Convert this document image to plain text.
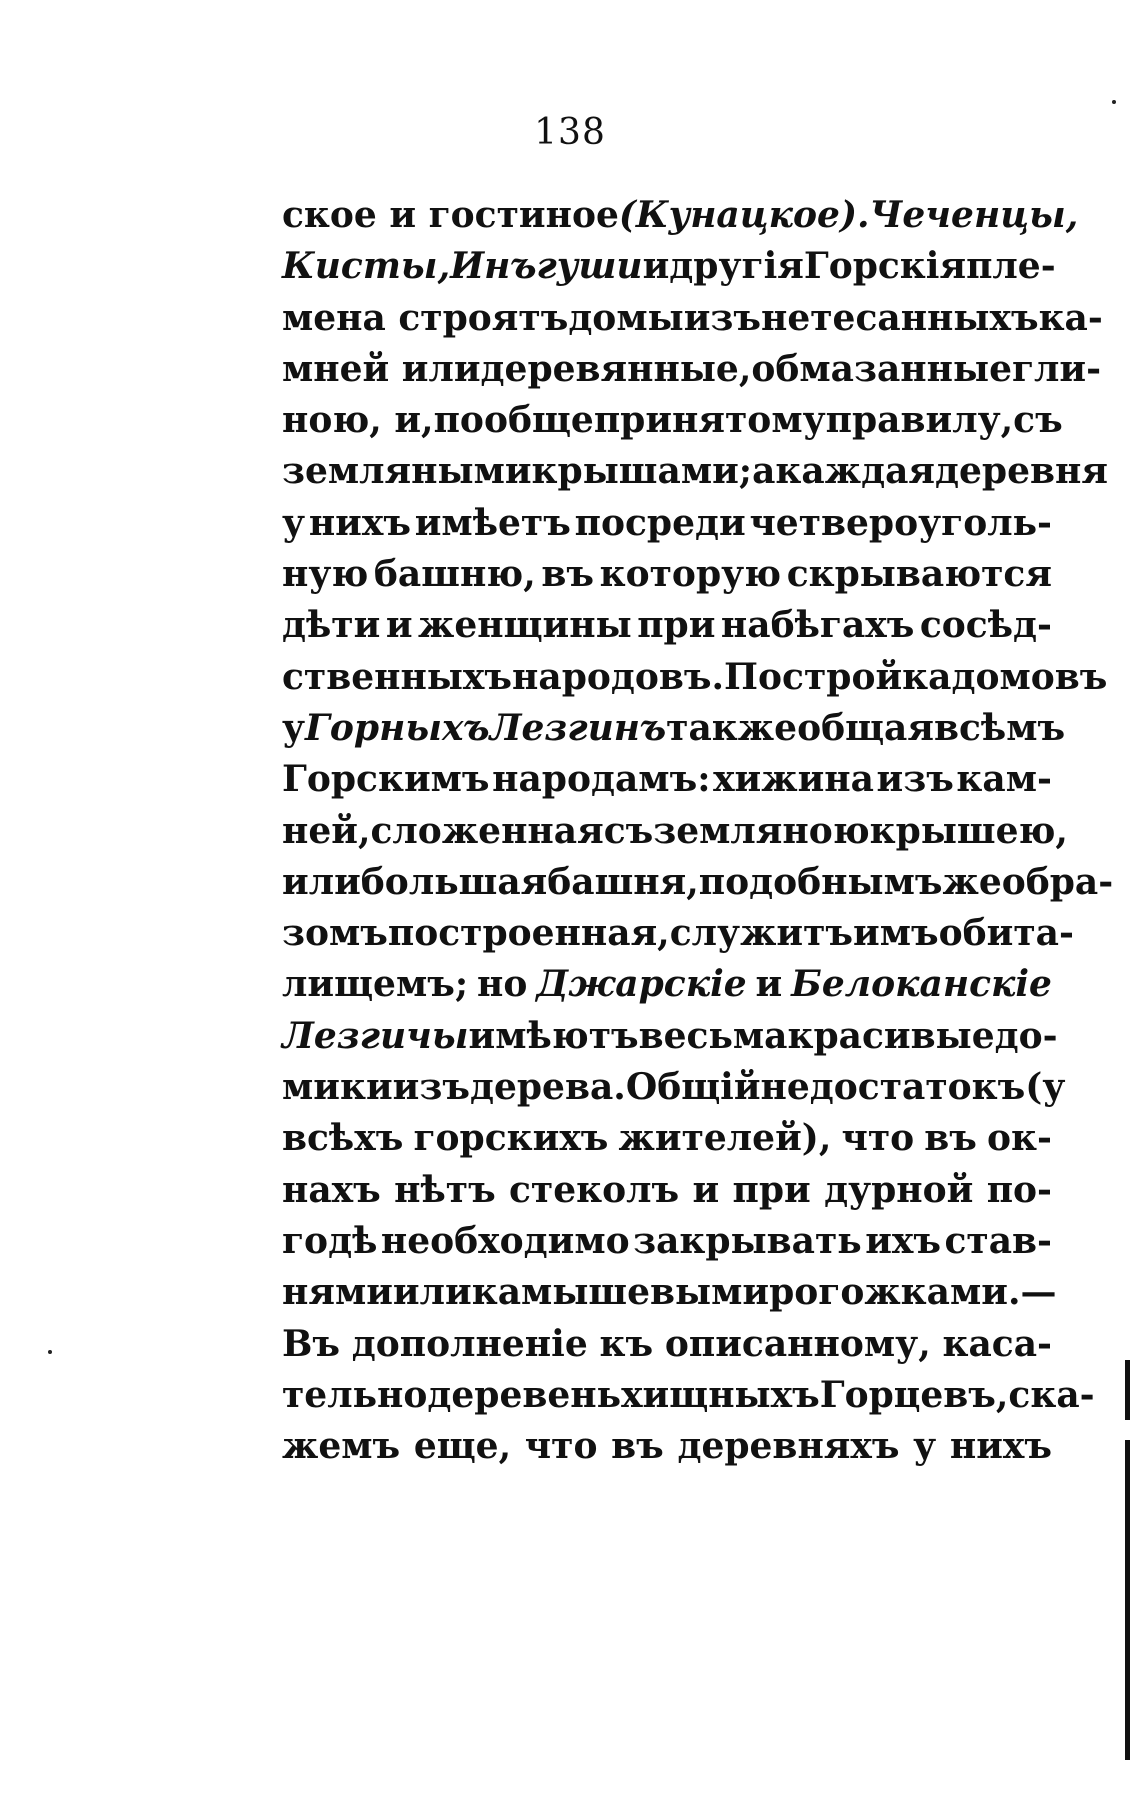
138
ское и гостиное (Кунацкое). Чеченцы,
Кисты, Инъгуши и другія Горскія пле-
мена строятъ домы изъ нетесанныхъ ка-
мней или деревянные, обмазанные гли-
ною, и, по общепринятому правилу, съ
земляными крышами; а каждая деревня
у нихъ имѣетъ посреди четвероуголь-
ную башню, въ которую скрываются
дѣти и женщины при набѣгахъ сосѣд-
ственныхъ народовъ. Постройка домовъ
у Горныхъ Лезгинъ также общая всѣмъ
Горскимъ народамъ: хижина изъ кам-
ней, сложенная съ землянoю крышею,
или большая башня, подобнымъ же обра-
зомъ построенная, служитъ имъ обита-
лищемъ; но Джарскіе и Белоканскіе
Лезгичы имѣютъ весьма красивые до-
мики изъ дерева. Общій недостатокъ (у
всѣхъ горскихъ жителей), что въ ок-
нахъ нѣтъ стеколъ и при дурной по-
годѣ необходимо закрывать ихъ став-
нями или камышевыми рогожками. —
Въ дополненіе къ описанному, каса-
тельно деревень хищныхъ Горцевъ, ска-
жемъ еще, что въ деревняхъ у нихъ
